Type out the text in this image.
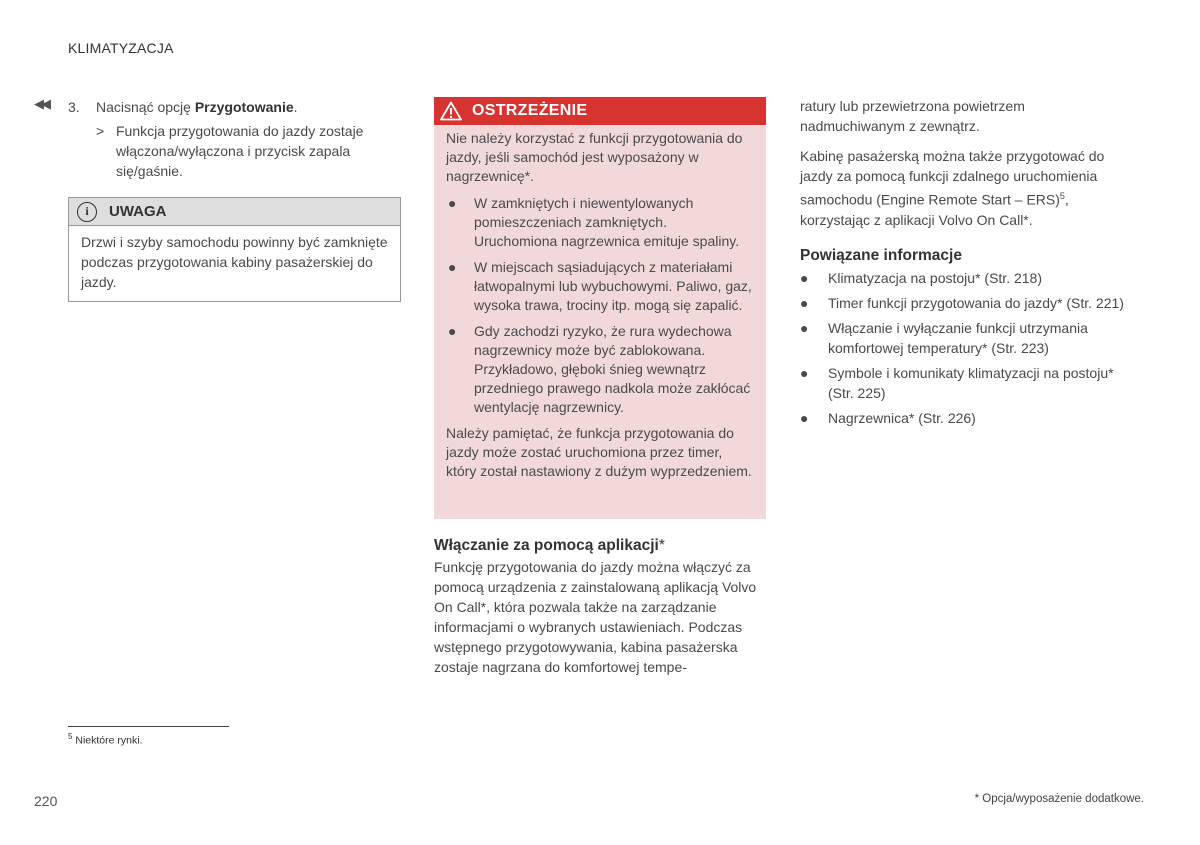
KLIMATYZACJA
◀◀ 3. Nacisnąć opcję Przygotowanie.
> Funkcja przygotowania do jazdy zostaje włączona/wyłączona i przycisk zapala się/gaśnie.
i	UWAGA
Drzwi i szyby samochodu powinny być zamknięte podczas przygotowania kabiny pasażerskiej do jazdy.
OSTRZEŻENIE

Nie należy korzystać z funkcji przygotowania do jazdy, jeśli samochód jest wyposażony w nagrzewnicę*.

● W zamkniętych i niewentylowanych pomieszczeniach zamkniętych. Uruchomiona nagrzewnica emituje spaliny.
● W miejscach sąsiadujących z materiałami łatwopalnymi lub wybuchowymi. Paliwo, gaz, wysoka trawa, trociny itp. mogą się zapalić.
● Gdy zachodzi ryzyko, że rura wydechowa nagrzewnicy może być zablokowana. Przykładowo, głęboki śnieg wewnątrz przedniego prawego nadkola może zakłócać wentylację nagrzewnicy.

Należy pamiętać, że funkcja przygotowania do jazdy może zostać uruchomiona przez timer, który został nastawiony z dużym wyprzedzeniem.

Włączanie za pomocą aplikacji*
Funkcję przygotowania do jazdy można włączyć za pomocą urządzenia z zainstalowaną aplikacją Volvo On Call*, która pozwala także na zarządzanie informacjami o wybranych ustawieniach. Podczas wstępnego przygotowywania, kabina pasażerska zostaje nagrzana do komfortowej tempe-

ratury lub przewietrzona powietrzem nadmuchiwanym z zewnątrz.

Kabinę pasażerską można także przygotować do jazdy za pomocą funkcji zdalnego uruchomienia samochodu (Engine Remote Start – ERS)$^5$, korzystając z aplikacji Volvo On Call*.

Powiązane informacje
● Klimatyzacja na postoju* (Str. 218)
● Timer funkcji przygotowania do jazdy* (Str. 221)
● Włączanie i wyłączanie funkcji utrzymania komfortowej temperatury* (Str. 223)
● Symbole i komunikaty klimatyzacji na postoju* (Str. 225)
● Nagrzewnica* (Str. 226)
$^5$ Niektóre rynki.
220	* Opcja/wyposażenie dodatkowe.
